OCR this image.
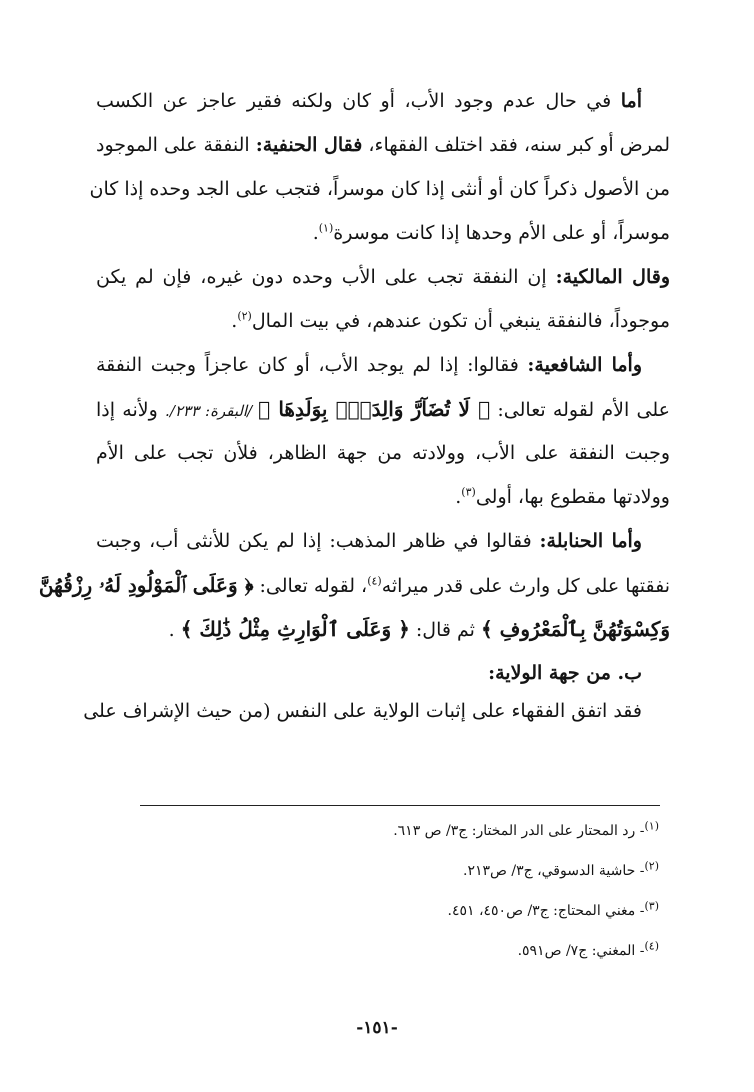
أما في حال عدم وجود الأب، أو كان ولكنه فقير عاجز عن الكسب
لمرض أو كبر سنه، فقد اختلف الفقهاء، فقال الحنفية: النفقة على الموجود
من الأصول ذكراً كان أو أنثى إذا كان موسراً، فتجب على الجد وحده إذا كان
موسراً، أو على الأم وحدها إذا كانت موسرة$^{(١)}$.
وقال المالكية: إن النفقة تجب على الأب وحده دون غيره، فإن لم يكن
موجوداً، فالنفقة ينبغي أن تكون عندهم، في بيت المال$^{(٢)}$.
وأما الشافعية: فقالوا: إذا لم يوجد الأب، أو كان عاجزاً وجبت النفقة
على الأم لقوله تعالى: ﴿ لَا تُضَآرَّ وَالِدَةٌۢ بِوَلَدِهَا ﴾ /البقرة: ٢٣٣/. ولأنه إذا
وجبت النفقة على الأب، وولادته من جهة الظاهر، فلأن تجب على الأم
وولادتها مقطوع بها، أولى$^{(٣)}$.
وأما الحنابلة: فقالوا في ظاهر المذهب: إذا لم يكن للأنثى أب، وجبت
نفقتها على كل وارث على قدر ميراثه$^{(٤)}$، لقوله تعالى: ﴿ وَعَلَى ٱلْمَوْلُودِ لَهُۥ رِزْقُهُنَّ
وَكِسْوَتُهُنَّ بِٱلْمَعْرُوفِ ﴾ ثم قال: ﴿ وَعَلَى ٱلْوَارِثِ مِثْلُ ذَٰلِكَ ﴾ .
ب. من جهة الولاية:
فقد اتفق الفقهاء على إثبات الولاية على النفس (من حيث الإشراف على
$^{(١)}$- رد المحتار على الدر المختار: ج٣/ ص ٦١٣.
$^{(٢)}$- حاشية الدسوقي، ج٣/ ص٢١٣.
$^{(٣)}$- مغني المحتاج: ج٣/ ص٤٥٠، ٤٥١.
$^{(٤)}$- المغني: ج٧/ ص٥٩١.
-١٥١-
